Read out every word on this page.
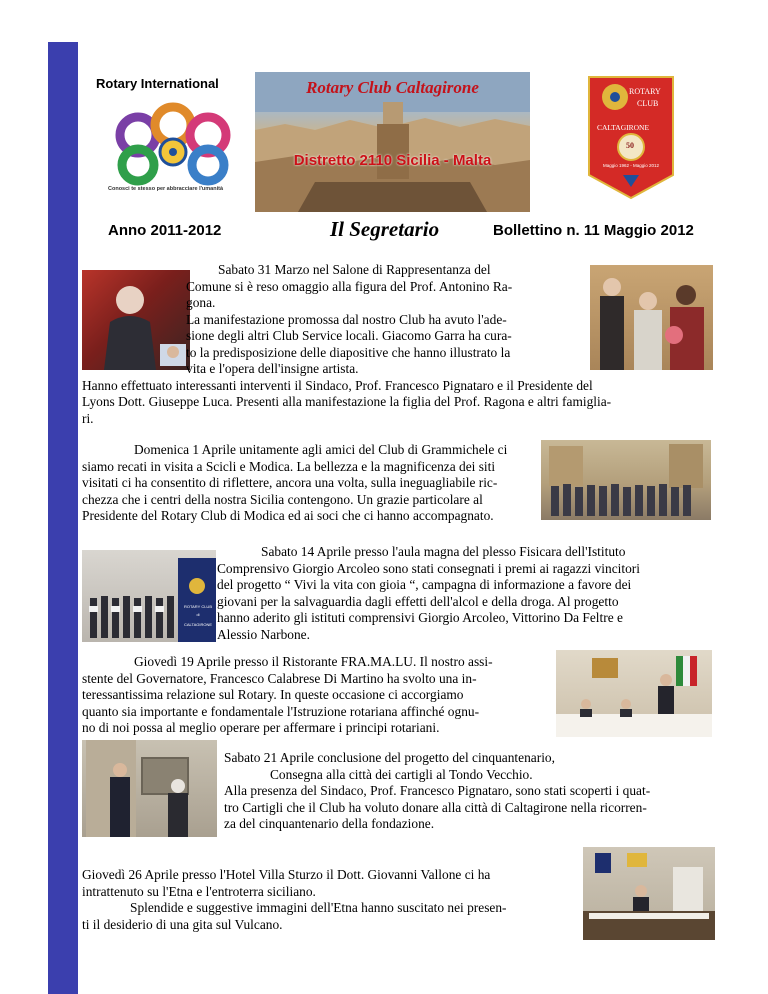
Rotary International
Conosci te stesso per abbracciare l'umanità
Rotary Club Caltagirone
Distretto 2110 Sicilia - Malta
ROTARY
CLUB
CALTAGIRONE
50
Maggio 1962 - Maggio 2012
Anno 2011-2012	Il Segretario	Bollettino n. 11 Maggio 2012
Sabato 31 Marzo nel Salone di Rappresentanza del
Comune si è reso omaggio alla figura del Prof. Antonino Ra-
gona.
La manifestazione promossa dal nostro Club ha avuto l'ade-
sione degli altri Club Service locali. Giacomo Garra ha cura-
to la predisposizione delle diapositive che hanno illustrato la
vita e l'opera dell'insigne artista.
Hanno effettuato interessanti interventi il Sindaco, Prof. Francesco Pignataro e il Presidente del
Lyons Dott. Giuseppe Luca. Presenti alla manifestazione la figlia del Prof. Ragona e altri famiglia-
ri.
Domenica 1 Aprile unitamente agli amici del Club di Grammichele ci
siamo recati in visita a Scicli e Modica. La bellezza e la magnificenza dei siti
visitati ci ha consentito di riflettere, ancora una volta, sulla ineguagliabile ric-
chezza che i centri della nostra Sicilia contengono. Un grazie particolare al
Presidente del Rotary Club di Modica ed ai soci che ci hanno accompagnato.
ROTARY CLUB
di
CALTAGIRONE
Sabato 14 Aprile presso l'aula magna del plesso Fisicara dell'Istituto
Comprensivo Giorgio Arcoleo sono stati consegnati i premi ai ragazzi vincitori
del progetto “ Vivi la vita con gioia “, campagna di informazione a favore dei
giovani per la salvaguardia dagli effetti dell'alcol e della droga. Al progetto
hanno aderito gli istituti comprensivi Giorgio Arcoleo, Vittorino Da Feltre e
Alessio Narbone.
Giovedì 19 Aprile presso il Ristorante FRA.MA.LU. Il nostro assi-
stente del Governatore, Francesco Calabrese Di Martino ha svolto una in-
teressantissima relazione sul Rotary. In queste occasione ci accorgiamo
quanto sia importante e fondamentale l'Istruzione rotariana affinché ognu-
no di noi possa al meglio operare per affermare i principi rotariani.
Sabato 21 Aprile conclusione del progetto del cinquantenario,
Consegna alla città dei cartigli al Tondo Vecchio.
Alla presenza del Sindaco, Prof. Francesco Pignataro, sono stati scoperti i quat-
tro Cartigli che il Club ha voluto donare alla città di Caltagirone nella ricorren-
za del cinquantenario della fondazione.
Giovedì 26 Aprile presso l'Hotel Villa Sturzo il Dott. Giovanni Vallone ci ha
intrattenuto su l'Etna e l'entroterra siciliano.
Splendide e suggestive immagini dell'Etna hanno suscitato nei presen-
ti il desiderio di una gita sul Vulcano.
